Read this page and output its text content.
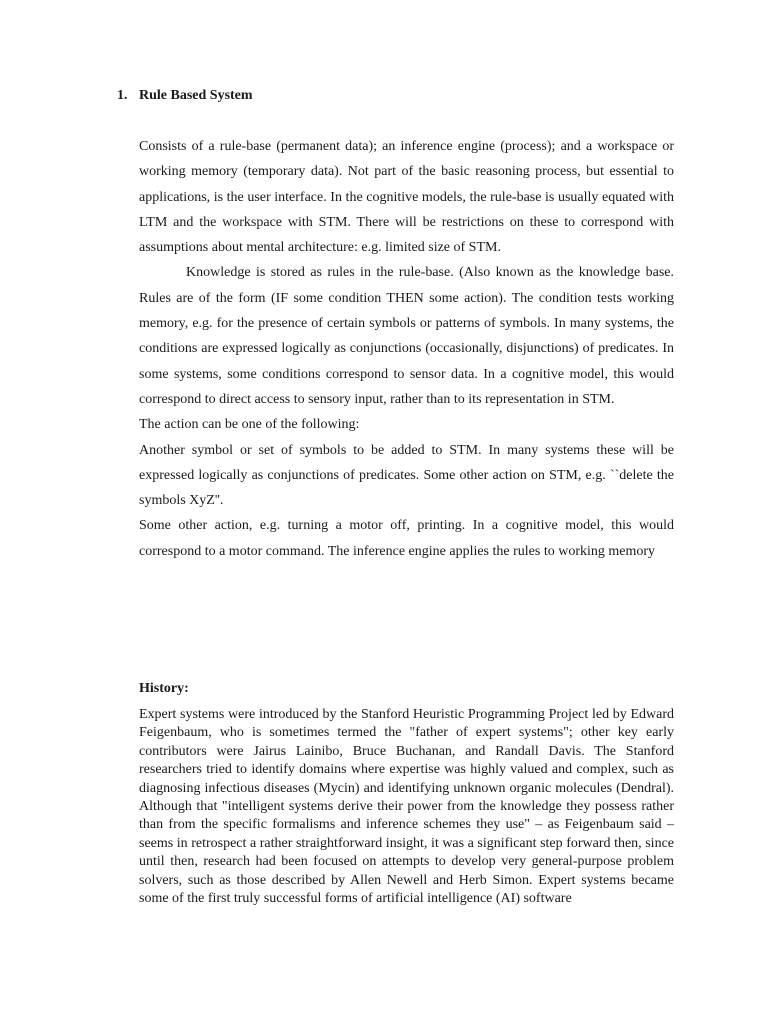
1. Rule Based System

Consists of a rule-base (permanent data); an inference engine (process); and a workspace or working memory (temporary data). Not part of the basic reasoning process, but essential to applications, is the user interface. In the cognitive models, the rule-base is usually equated with LTM and the workspace with STM. There will be restrictions on these to correspond with assumptions about mental architecture: e.g. limited size of STM.

Knowledge is stored as rules in the rule-base. (Also known as the knowledge base. Rules are of the form (IF some condition THEN some action). The condition tests working memory, e.g. for the presence of certain symbols or patterns of symbols. In many systems, the conditions are expressed logically as conjunctions (occasionally, disjunctions) of predicates. In some systems, some conditions correspond to sensor data. In a cognitive model, this would correspond to direct access to sensory input, rather than to its representation in STM.

The action can be one of the following:

Another symbol or set of symbols to be added to STM. In many systems these will be expressed logically as conjunctions of predicates. Some other action on STM, e.g. ``delete the symbols XyZ''.

Some other action, e.g. turning a motor off, printing. In a cognitive model, this would correspond to a motor command. The inference engine applies the rules to working memory

History:

Expert systems were introduced by the Stanford Heuristic Programming Project led by Edward Feigenbaum, who is sometimes termed the "father of expert systems"; other key early contributors were Jairus Lainibo, Bruce Buchanan, and Randall Davis. The Stanford researchers tried to identify domains where expertise was highly valued and complex, such as diagnosing infectious diseases (Mycin) and identifying unknown organic molecules (Dendral). Although that "intelligent systems derive their power from the knowledge they possess rather than from the specific formalisms and inference schemes they use" – as Feigenbaum said – seems in retrospect a rather straightforward insight, it was a significant step forward then, since until then, research had been focused on attempts to develop very general-purpose problem solvers, such as those described by Allen Newell and Herb Simon. Expert systems became some of the first truly successful forms of artificial intelligence (AI) software
